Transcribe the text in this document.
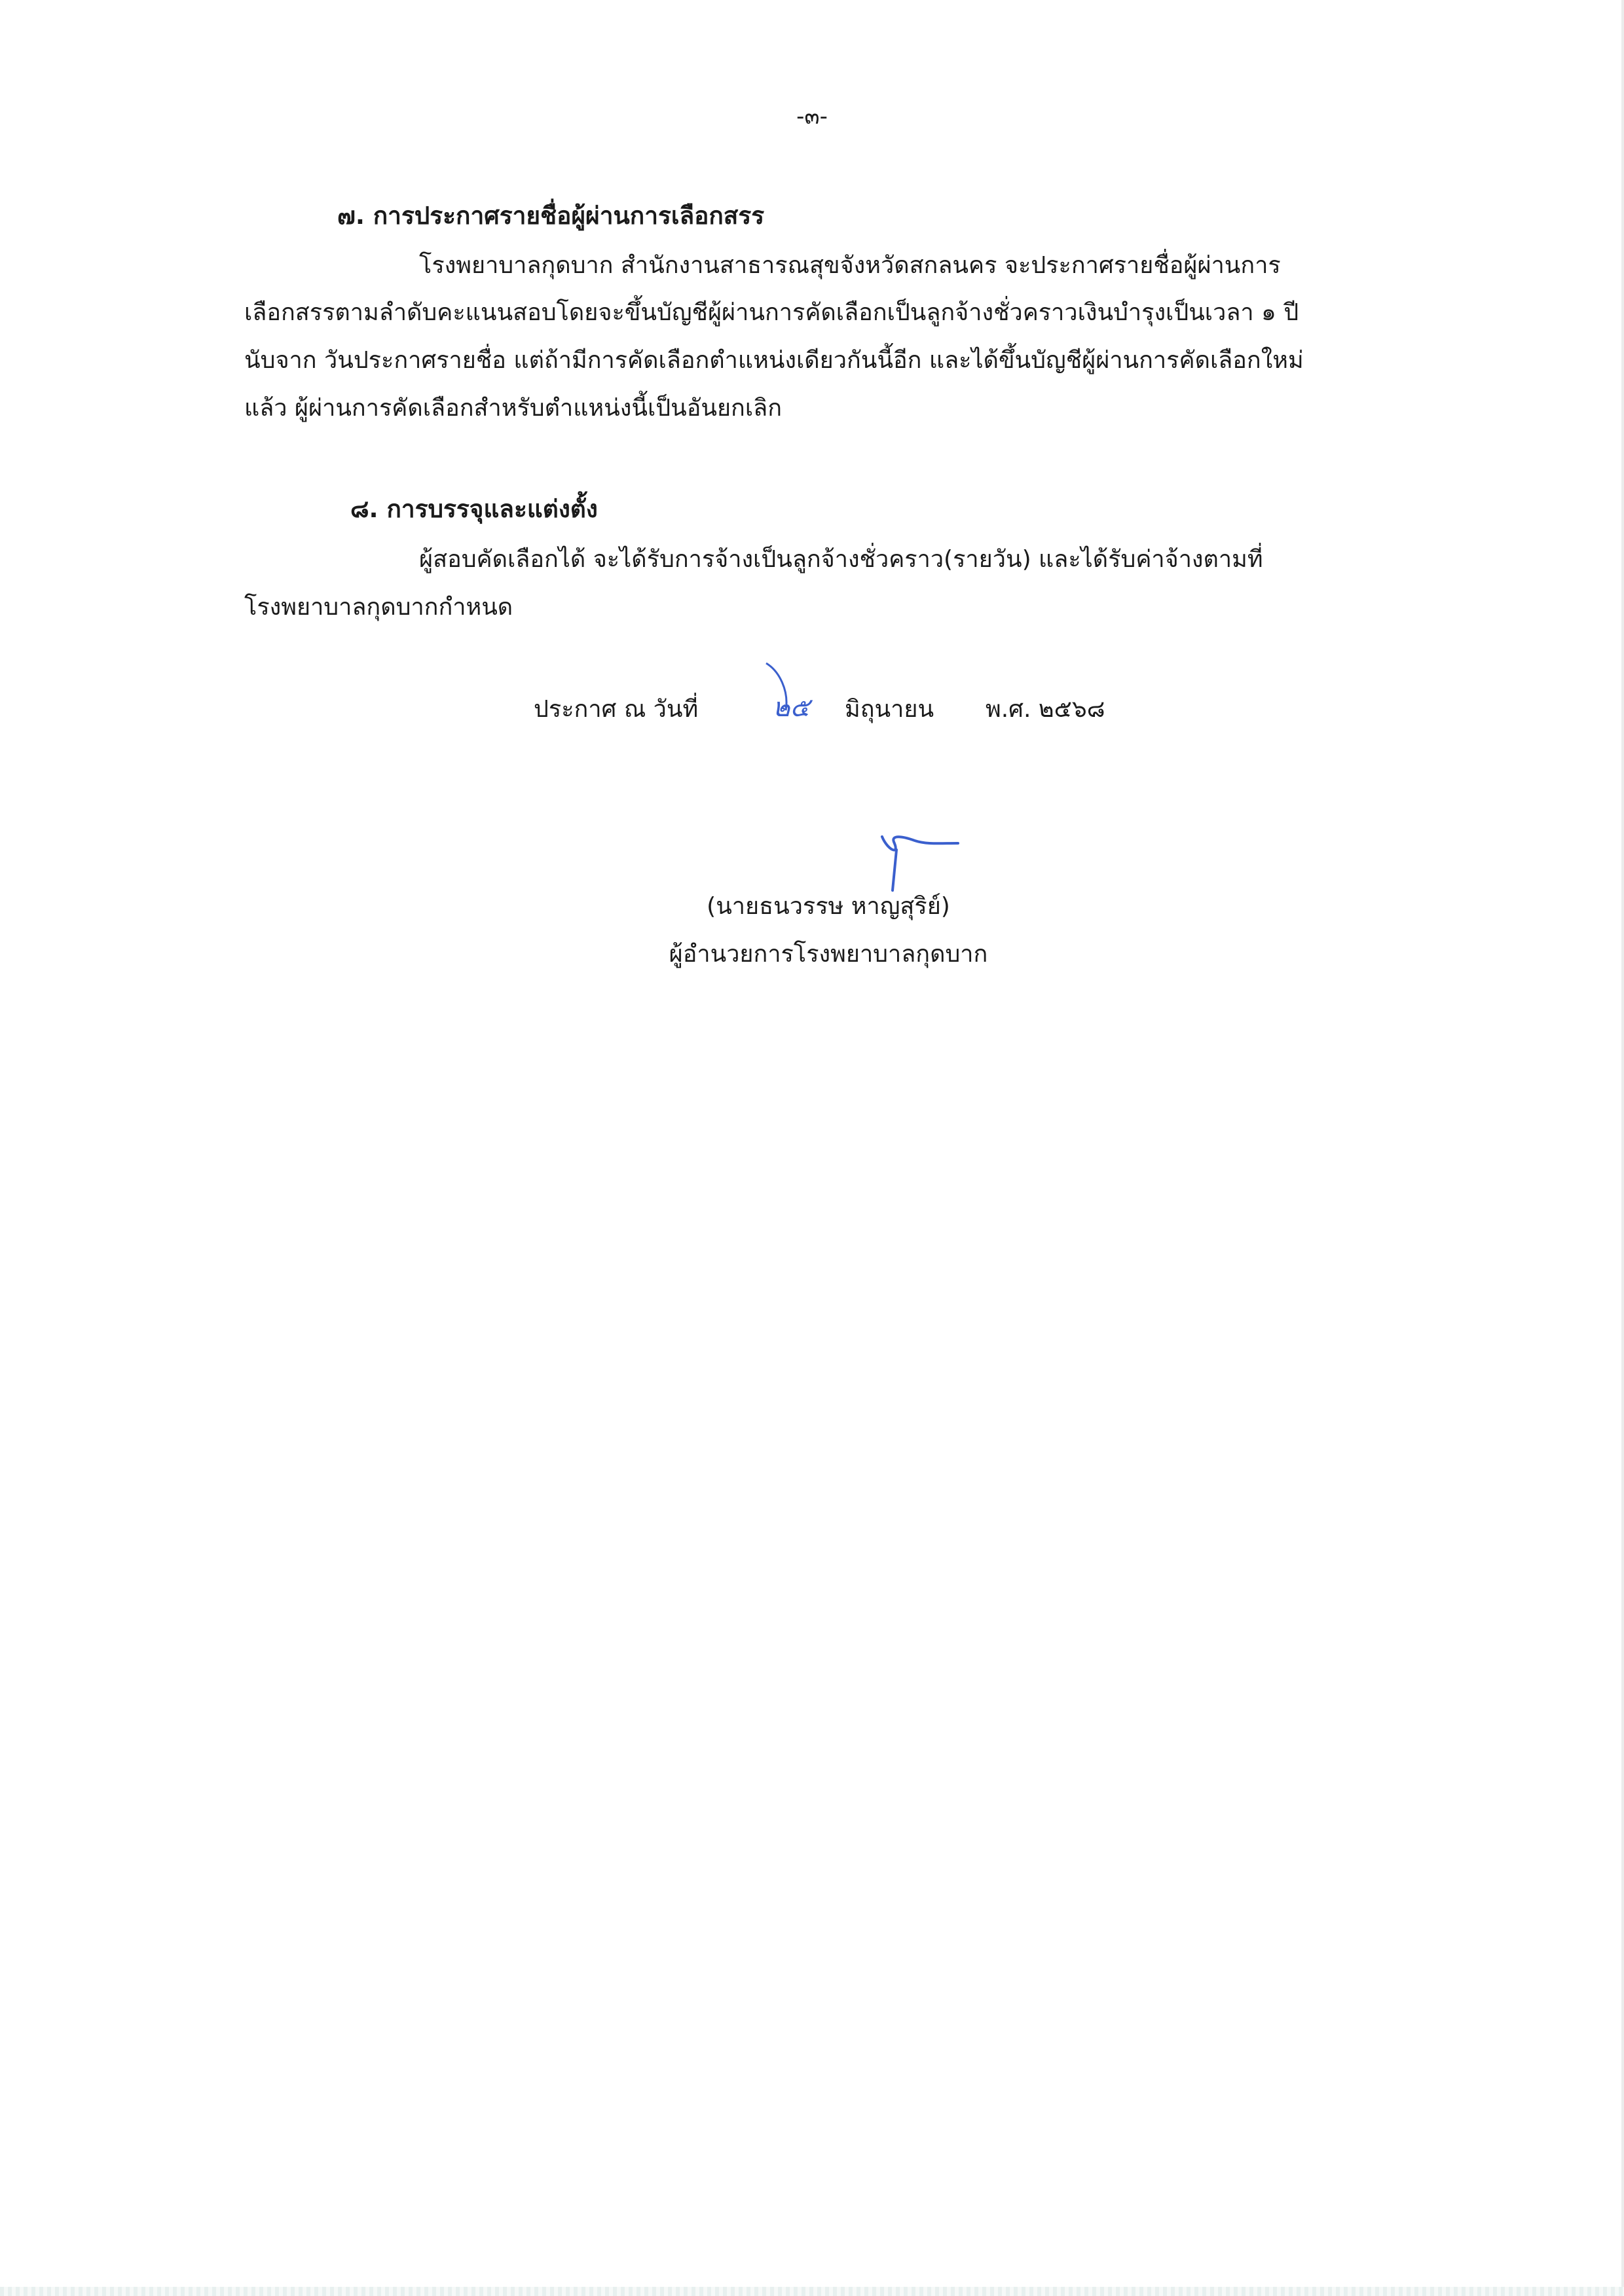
-๓-
๗. การประกาศรายชื่อผู้ผ่านการเลือกสรร
โรงพยาบาลกุดบาก สำนักงานสาธารณสุขจังหวัดสกลนคร จะประกาศรายชื่อผู้ผ่านการ
เลือกสรรตามลำดับคะแนนสอบโดยจะขึ้นบัญชีผู้ผ่านการคัดเลือกเป็นลูกจ้างชั่วคราวเงินบำรุงเป็นเวลา ๑ ปี
นับจาก วันประกาศรายชื่อ แต่ถ้ามีการคัดเลือกตำแหน่งเดียวกันนี้อีก และได้ขึ้นบัญชีผู้ผ่านการคัดเลือกใหม่
แล้ว ผู้ผ่านการคัดเลือกสำหรับตำแหน่งนี้เป็นอันยกเลิก
๘. การบรรจุและแต่งตั้ง
ผู้สอบคัดเลือกได้ จะได้รับการจ้างเป็นลูกจ้างชั่วคราว(รายวัน) และได้รับค่าจ้างตามที่
โรงพยาบาลกุดบากกำหนด
ประกาศ ณ วันที่	๒๕ มิถุนายน พ.ศ. ๒๕๖๘
(นายธนวรรษ หาญสุริย์)
ผู้อำนวยการโรงพยาบาลกุดบาก
